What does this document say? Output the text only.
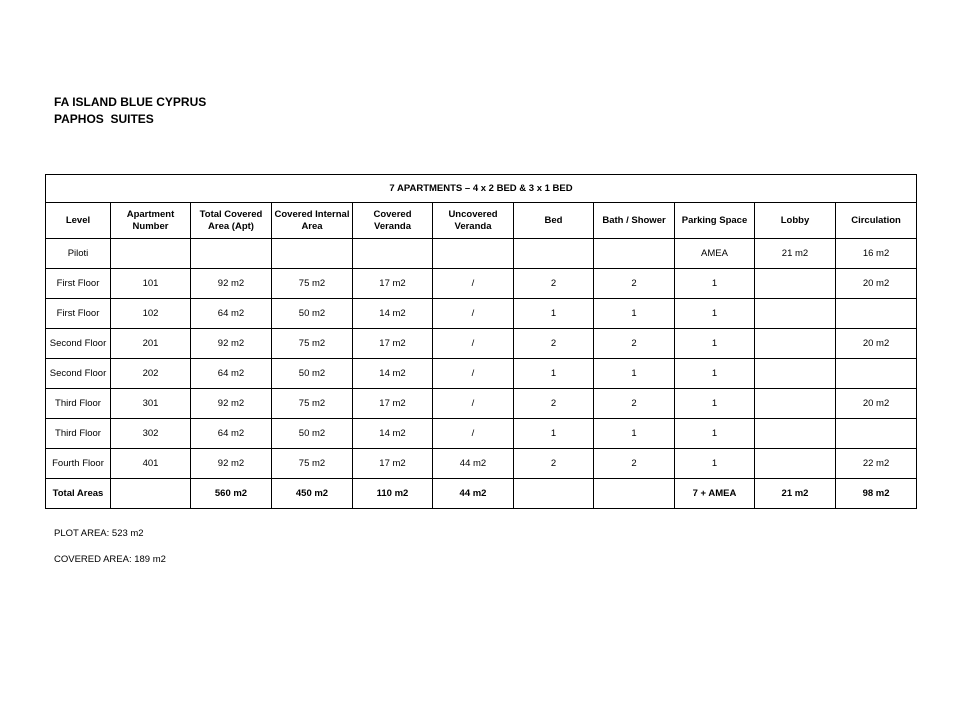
FA ISLAND BLUE CYPRUS
PAPHOS  SUITES
7 APARTMENTS – 4 x 2 BED & 3 x 1 BED										
Level	Apartment Number	Total Covered Area (Apt)	Covered Internal Area	Covered Veranda	Uncovered Veranda	Bed	Bath / Shower	Parking Space	Lobby	Circulation
Piloti								AMEA	21 m2	16 m2
First Floor	101	92 m2	75 m2	17 m2	/	2	2	1		20 m2
First Floor	102	64 m2	50 m2	14 m2	/	1	1	1		
Second Floor	201	92 m2	75 m2	17 m2	/	2	2	1		20 m2
Second Floor	202	64 m2	50 m2	14 m2	/	1	1	1		
Third Floor	301	92 m2	75 m2	17 m2	/	2	2	1		20 m2
Third Floor	302	64 m2	50 m2	14 m2	/	1	1	1		
Fourth Floor	401	92 m2	75 m2	17 m2	44 m2	2	2	1		22 m2
Total Areas		560 m2	450 m2	110 m2	44 m2			7 + AMEA	21 m2	98 m2
PLOT AREA: 523 m2
COVERED AREA: 189 m2
